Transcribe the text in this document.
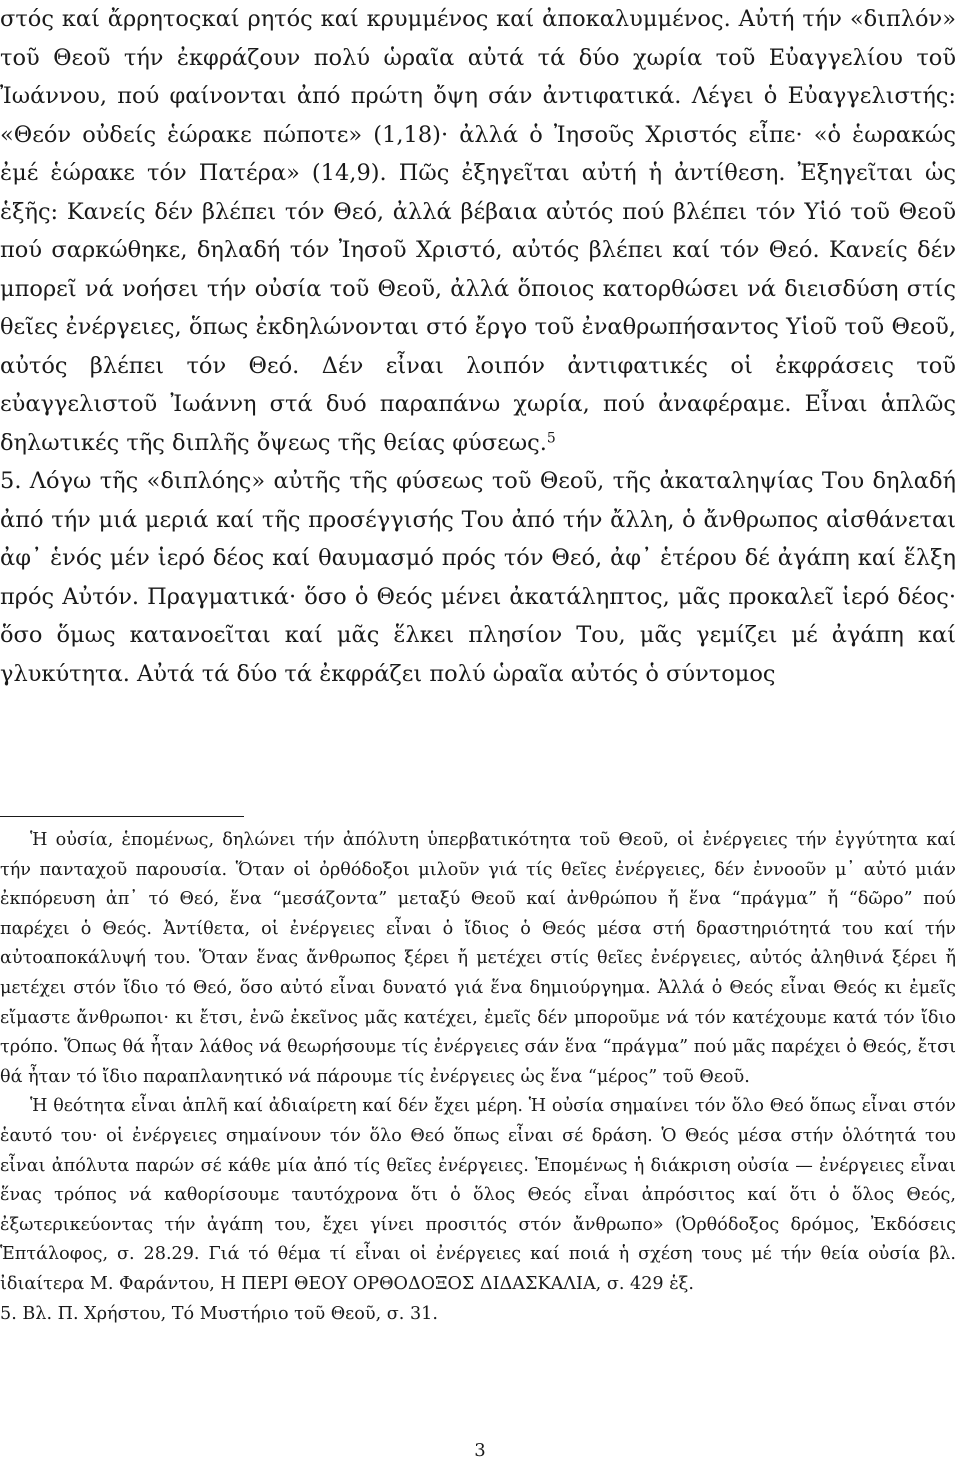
στός καί ἄρρητοςκαί ρητός καί κρυμμένος καί ἀποκαλυμμένος. Αὐτή τήν «διπλόν» τοῦ Θεοῦ τήν ἐκφράζουν πολύ ὡραῖα αὐτά τά δύο χωρία τοῦ Εὐαγγελίου τοῦ Ἰωάννου, πού φαίνονται ἀπό πρώτη ὄψη σάν ἀντιφατικά. Λέγει ὁ Εὐαγγελιστής: «Θεόν οὐδείς ἑώρακε πώποτε» (1,18)· ἀλλά ὁ Ἰησοῦς Χριστός εἶπε· «ὁ ἑωρακώς ἐμέ ἑώρακε τόν Πατέρα» (14,9). Πῶς ἐξηγεῖται αὐτή ἡ ἀντίθεση. Ἐξηγεῖται ὡς ἑξῆς: Κανείς δέν βλέπει τόν Θεό, ἀλλά βέβαια αὐτός πού βλέπει τόν Υἱό τοῦ Θεοῦ πού σαρκώθηκε, δηλαδή τόν Ἰησοῦ Χριστό, αὐτός βλέπει καί τόν Θεό. Κανείς δέν μπορεῖ νά νοήσει τήν οὐσία τοῦ Θεοῦ, ἀλλά ὅποιος κατορθώσει νά διεισδύση στίς θεῖες ἐνέργειες, ὅπως ἐκδηλώνονται στό ἔργο τοῦ ἐναθρωπήσαντος Υἱοῦ τοῦ Θεοῦ, αὐτός βλέπει τόν Θεό. Δέν εἶναι λοιπόν ἀντιφατικές οἱ ἐκφράσεις τοῦ εὐαγγελιστοῦ Ἰωάννη στά δυό παραπάνω χωρία, πού ἀναφέραμε. Εἶναι ἁπλῶς δηλωτικές τῆς διπλῆς ὄψεως τῆς θείας φύσεως.$^5$

5. Λόγω τῆς «διπλόης» αὐτῆς τῆς φύσεως τοῦ Θεοῦ, τῆς ἀκαταληψίας Του δηλαδή ἀπό τήν μιά μεριά καί τῆς προσέγγισής Του ἀπό τήν ἄλλη, ὁ ἄνθρωπος αἰσθάνεται ἀφ᾽ ἑνός μέν ἱερό δέος καί θαυμασμό πρός τόν Θεό, ἀφ᾽ ἑτέρου δέ ἀγάπη καί ἕλξη πρός Αὐτόν. Πραγματικά· ὅσο ὁ Θεός μένει ἀκατάληπτος, μᾶς προκαλεῖ ἱερό δέος· ὅσο ὅμως κατανοεῖται καί μᾶς ἕλκει πλησίον Του, μᾶς γεμίζει μέ ἀγάπη καί γλυκύτητα. Αὐτά τά δύο τά ἐκφράζει πολύ ὡραῖα αὐτός ὁ σύντομος

Ἡ οὐσία, ἑπομένως, δηλώνει τήν ἀπόλυτη ὑπερβατικότητα τοῦ Θεοῦ, οἱ ἐνέργειες τήν ἐγγύτητα καί τήν πανταχοῦ παρουσία. Ὅταν οἱ ὀρθόδοξοι μιλοῦν γιά τίς θεῖες ἐνέργειες, δέν ἐννοοῦν μ᾽ αὐτό μιάν ἐκπόρευση ἀπ᾽ τό Θεό, ἕνα “μεσάζοντα” μεταξύ Θεοῦ καί ἀνθρώπου ἤ ἕνα “πράγμα” ἤ “δῶρο” πού παρέχει ὁ Θεός. Ἀντίθετα, οἱ ἐνέργειες εἶναι ὁ ἴδιος ὁ Θεός μέσα στή δραστηριότητά του καί τήν αὐτοαποκάλυψή του. Ὅταν ἕνας ἄνθρωπος ξέρει ἤ μετέχει στίς θεῖες ἐνέργειες, αὐτός ἀληθινά ξέρει ἤ μετέχει στόν ἴδιο τό Θεό, ὅσο αὐτό εἶναι δυνατό γιά ἕνα δημιούργημα. Ἀλλά ὁ Θεός εἶναι Θεός κι ἐμεῖς εἴμαστε ἄνθρωποι· κι ἔτσι, ἐνῶ ἐκεῖνος μᾶς κατέχει, ἐμεῖς δέν μποροῦμε νά τόν κατέχουμε κατά τόν ἴδιο τρόπο. Ὅπως θά ἦταν λάθος νά θεωρήσουμε τίς ἐνέργειες σάν ἕνα “πράγμα” πού μᾶς παρέχει ὁ Θεός, ἔτσι θά ἦταν τό ἴδιο παραπλανητικό νά πάρουμε τίς ἐνέργειες ὡς ἕνα “μέρος” τοῦ Θεοῦ.

Ἡ θεότητα εἶναι ἁπλῆ καί ἀδιαίρετη καί δέν ἔχει μέρη. Ἡ οὐσία σημαίνει τόν ὅλο Θεό ὅπως εἶναι στόν ἑαυτό του· οἱ ἐνέργειες σημαίνουν τόν ὅλο Θεό ὅπως εἶναι σέ δράση. Ὁ Θεός μέσα στήν ὁλότητά του εἶναι ἀπόλυτα παρών σέ κάθε μία ἀπό τίς θεῖες ἐνέργειες. Ἑπομένως ἡ διάκριση οὐσία — ἐνέργειες εἶναι ἕνας τρόπος νά καθορίσουμε ταυτόχρονα ὅτι ὁ ὅλος Θεός εἶναι ἀπρόσιτος καί ὅτι ὁ ὅλος Θεός, ἐξωτερικεύοντας τήν ἀγάπη του, ἔχει γίνει προσιτός στόν ἄνθρωπο» (Ὀρθόδοξος δρόμος, Ἐκδόσεις Ἑπτάλοφος, σ. 28.29. Γιά τό θέμα τί εἶναι οἱ ἐνέργειες καί ποιά ἡ σχέση τους μέ τήν θεία οὐσία βλ. ἰδιαίτερα Μ. Φαράντου, Η ΠΕΡΙ ΘΕΟΥ ΟΡΘΟΔΟΞΟΣ ΔΙΔΑΣΚΑΛΙΑ, σ. 429 ἑξ.

5. Βλ. Π. Χρήστου, Τό Μυστήριο τοῦ Θεοῦ, σ. 31.

3
